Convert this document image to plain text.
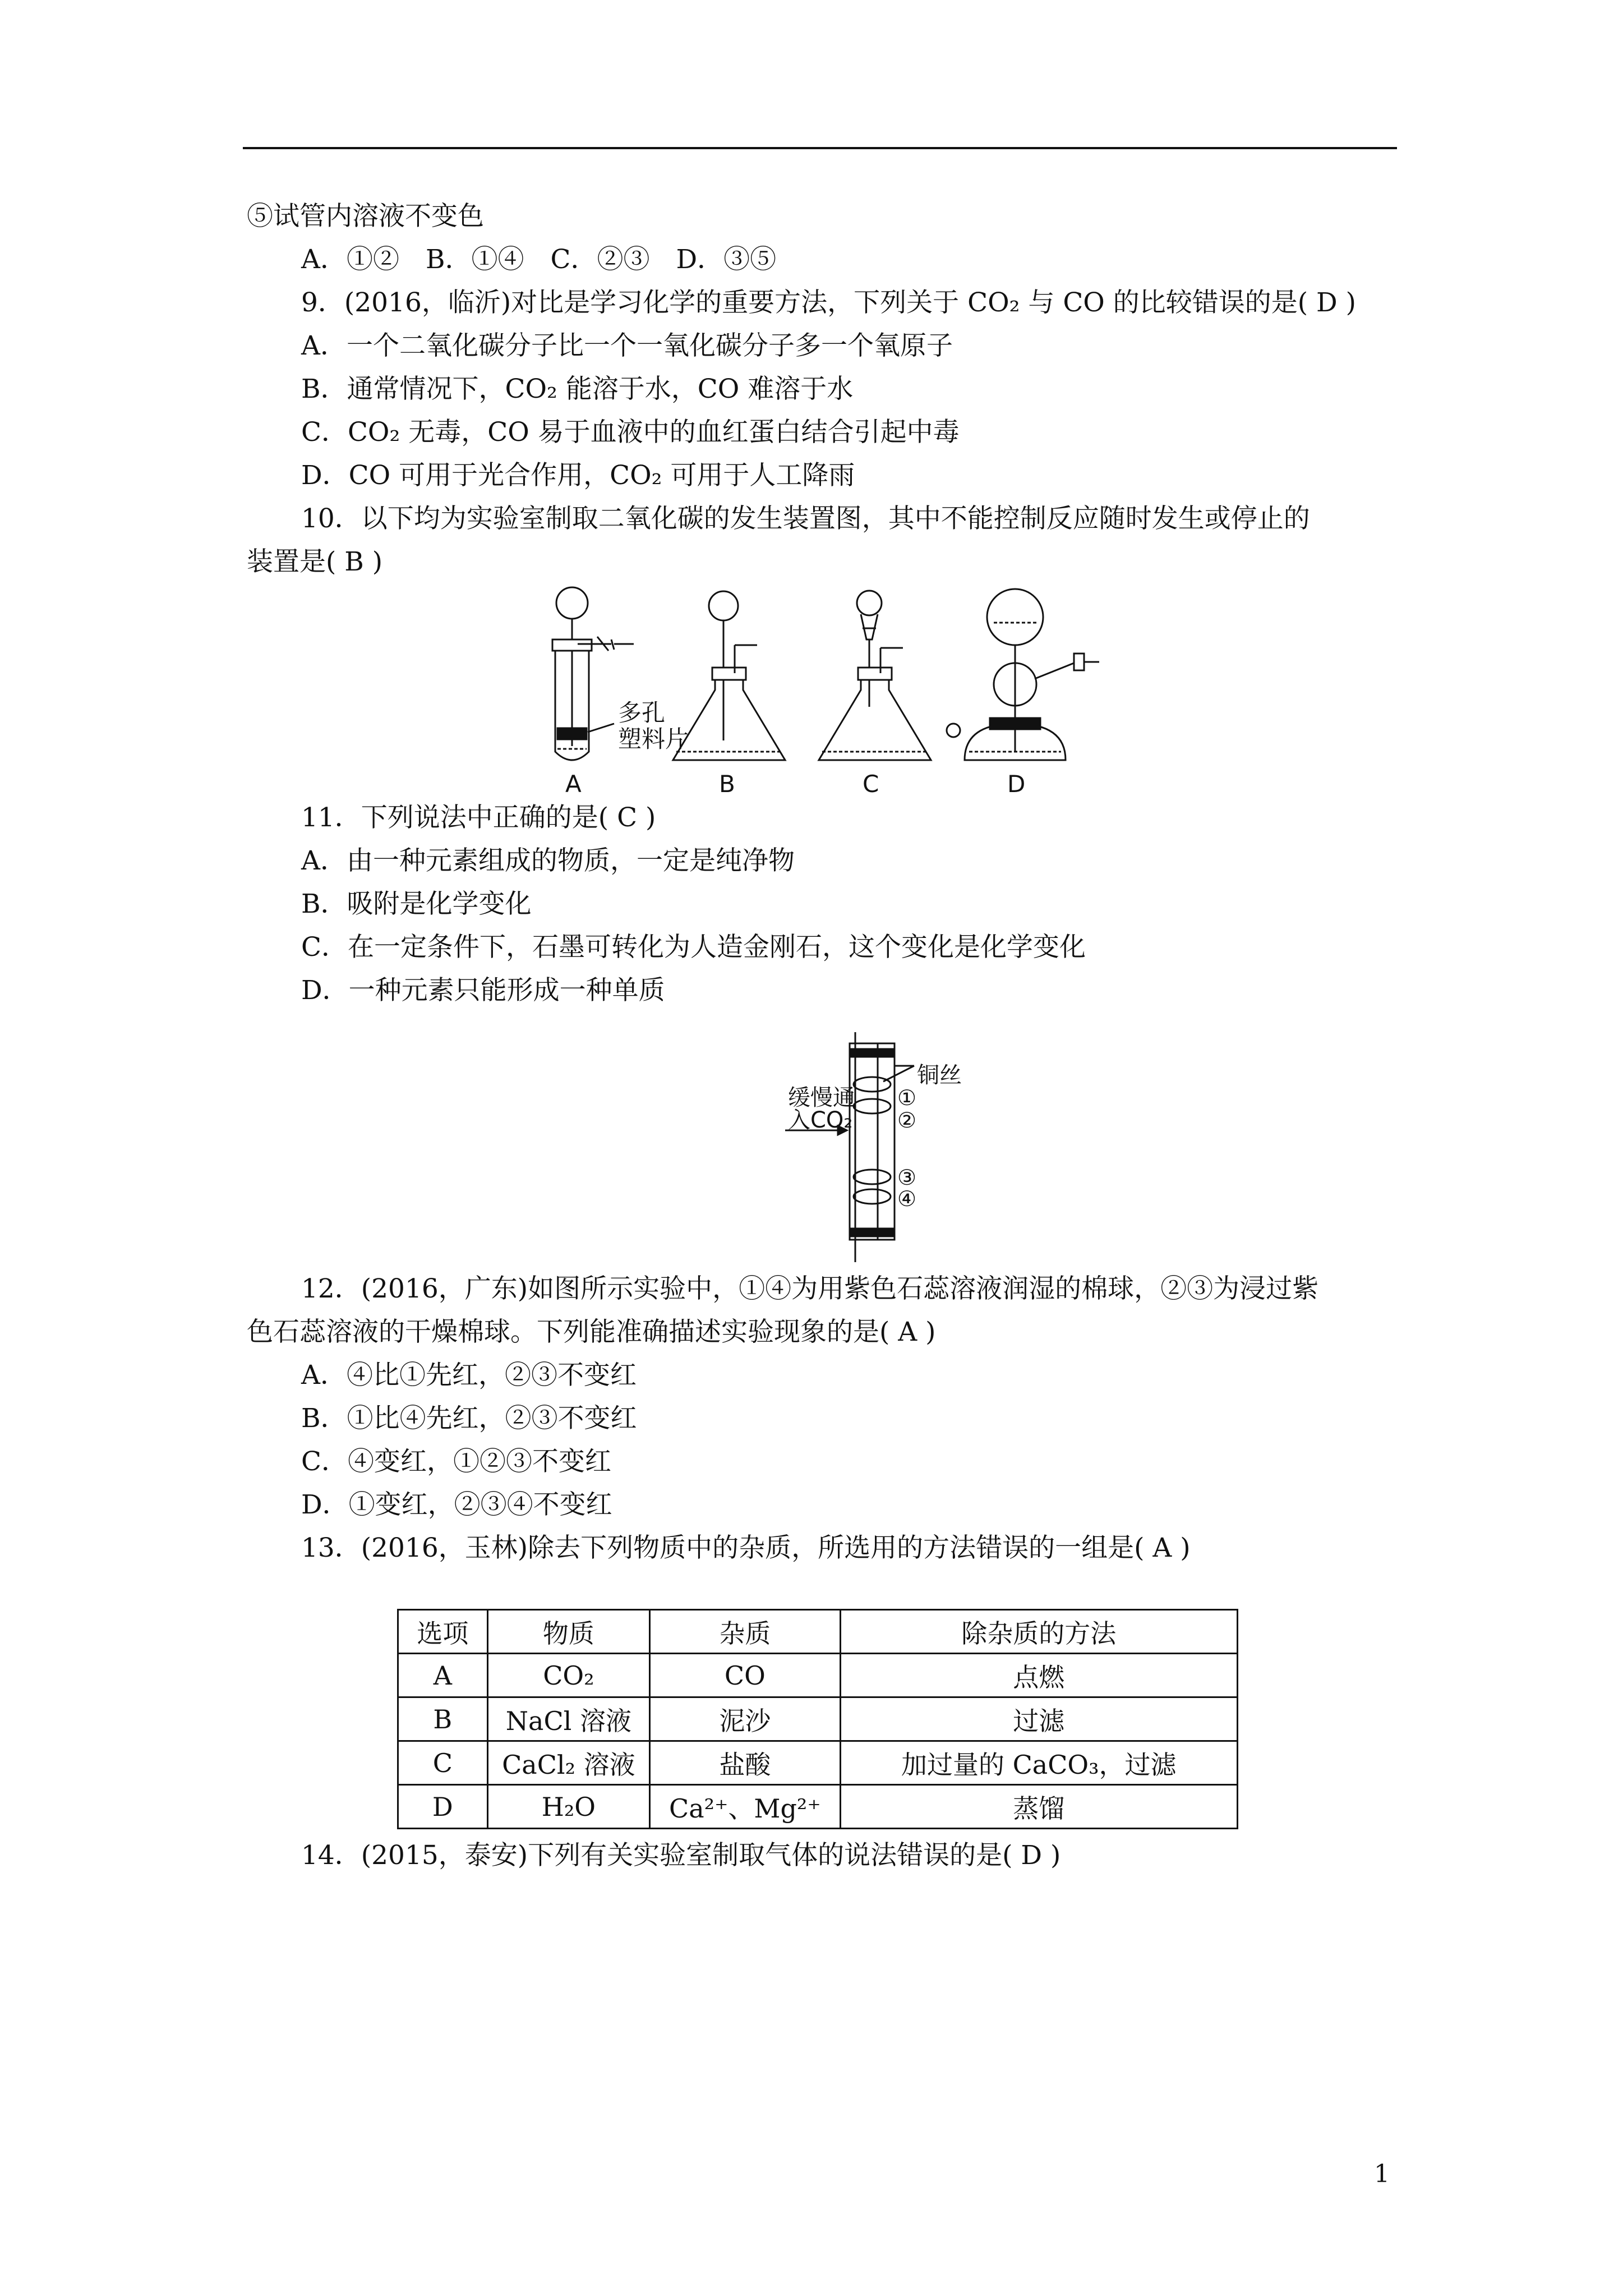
⑤试管内溶液不变色
A．①②　B．①④　C．②③　D．③⑤
9．(2016，临沂)对比是学习化学的重要方法，下列关于 CO₂ 与 CO 的比较错误的是( D )
A．一个二氧化碳分子比一个一氧化碳分子多一个氧原子
B．通常情况下，CO₂ 能溶于水，CO 难溶于水
C．CO₂ 无毒，CO 易于血液中的血红蛋白结合引起中毒
D．CO 可用于光合作用，CO₂ 可用于人工降雨
10．以下均为实验室制取二氧化碳的发生装置图，其中不能控制反应随时发生或停止的
装置是( B )
多孔
塑料片
A	B	C	D
11．下列说法中正确的是( C )
A．由一种元素组成的物质，一定是纯净物
B．吸附是化学变化
C．在一定条件下，石墨可转化为人造金刚石，这个变化是化学变化
D．一种元素只能形成一种单质
铜丝
缓慢通
入CO₂
①
②
③
④
12．(2016，广东)如图所示实验中，①④为用紫色石蕊溶液润湿的棉球，②③为浸过紫
色石蕊溶液的干燥棉球。下列能准确描述实验现象的是( A )
A．④比①先红，②③不变红
B．①比④先红，②③不变红
C．④变红，①②③不变红
D．①变红，②③④不变红
13．(2016，玉林)除去下列物质中的杂质，所选用的方法错误的一组是( A )
选项	物质	杂质	除杂质的方法
A	CO₂	CO	点燃
B	NaCl 溶液	泥沙	过滤
C	CaCl₂ 溶液	盐酸	加过量的 CaCO₃，过滤
D	H₂O	Ca²⁺、Mg²⁺	蒸馏
14．(2015，泰安)下列有关实验室制取气体的说法错误的是( D )
1
